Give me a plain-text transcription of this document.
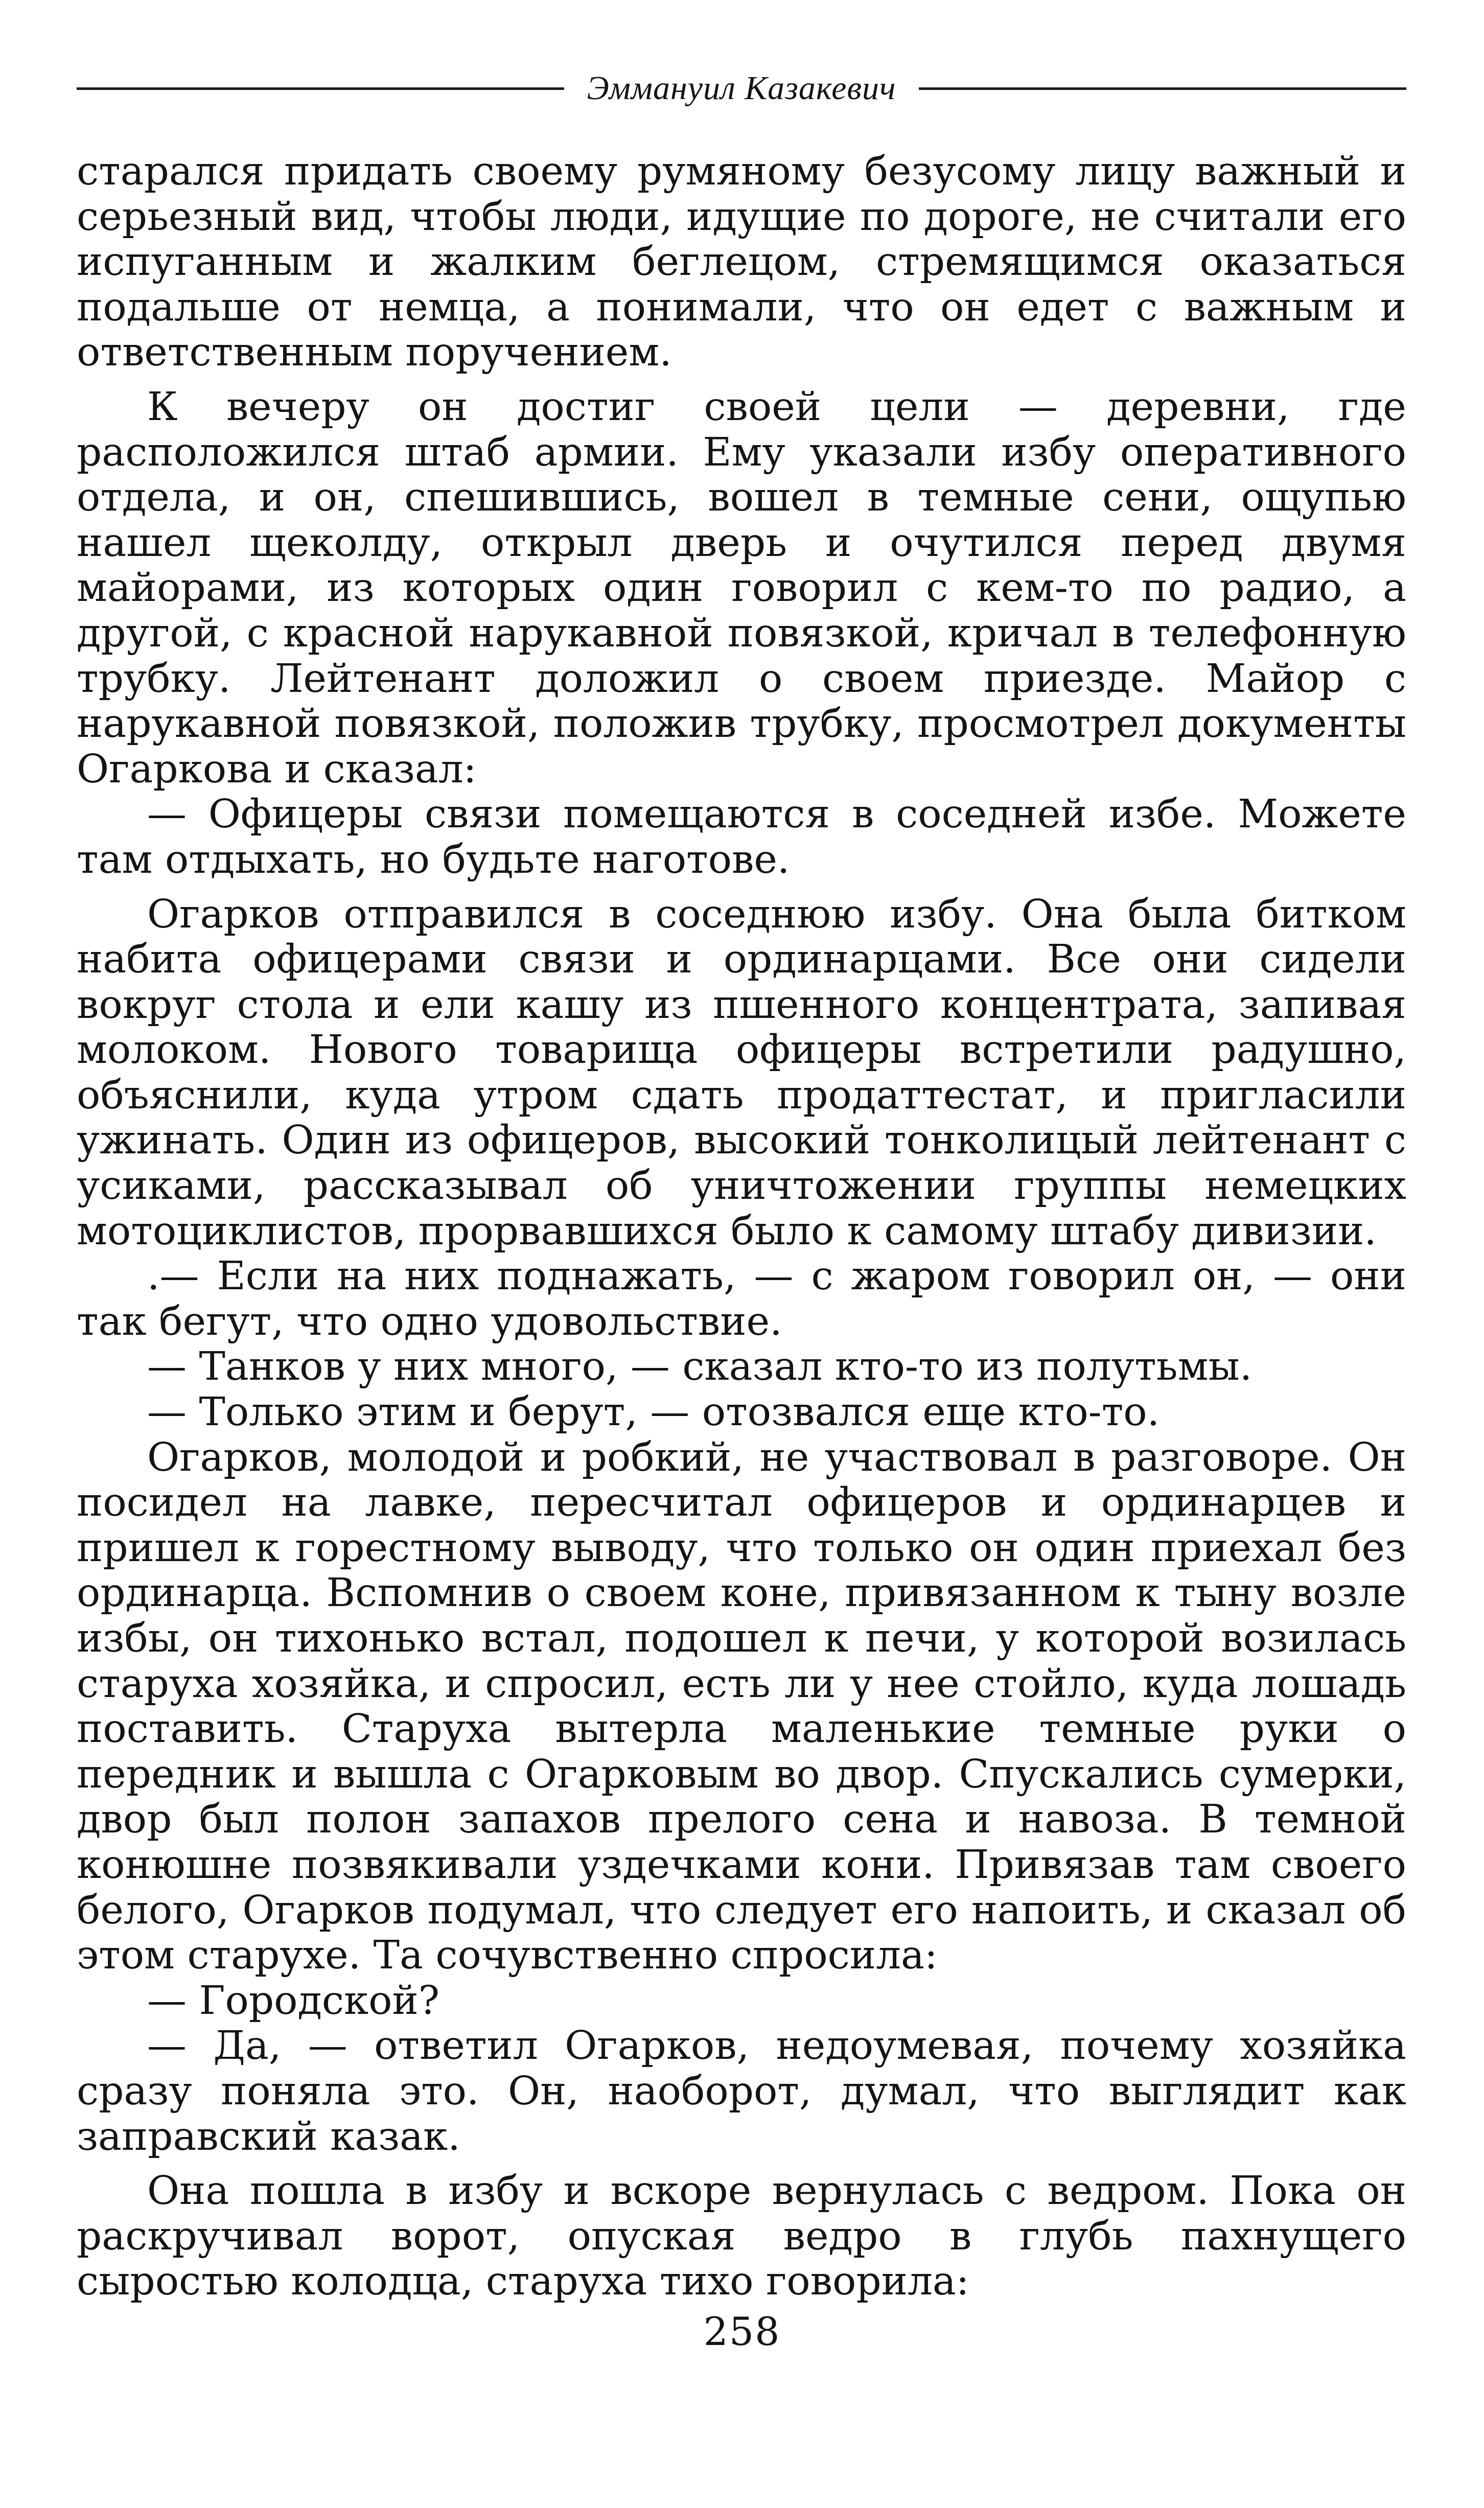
Эммануил Казакевич

старался придать своему румяному безусому лицу важный и серьезный вид, чтобы люди, идущие по дороге, не считали его испуганным и жалким беглецом, стремящимся оказаться подальше от немца, а понимали, что он едет с важным и ответственным поручением.

К вечеру он достиг своей цели — деревни, где расположился штаб армии. Ему указали избу оперативного отдела, и он, спешившись, вошел в темные сени, ощупью нашел щеколду, открыл дверь и очутился перед двумя майорами, из которых один говорил с кем-то по радио, а другой, с красной нарукавной повязкой, кричал в телефонную трубку. Лейтенант доложил о своем приезде. Майор с нарукавной повязкой, положив трубку, просмотрел документы Огаркова и сказал:

— Офицеры связи помещаются в соседней избе. Можете там отдыхать, но будьте наготове.

Огарков отправился в соседнюю избу. Она была битком набита офицерами связи и ординарцами. Все они сидели вокруг стола и ели кашу из пшенного концентрата, запивая молоком. Нового товарища офицеры встретили радушно, объяснили, куда утром сдать продаттестат, и пригласили ужинать. Один из офицеров, высокий тонколицый лейтенант с усиками, рассказывал об уничтожении группы немецких мотоциклистов, прорвавшихся было к самому штабу дивизии.

.— Если на них поднажать, — с жаром говорил он, — они так бегут, что одно удовольствие.

— Танков у них много, — сказал кто-то из полутьмы.

— Только этим и берут, — отозвался еще кто-то.

Огарков, молодой и робкий, не участвовал в разговоре. Он посидел на лавке, пересчитал офицеров и ординарцев и пришел к горестному выводу, что только он один приехал без ординарца. Вспомнив о своем коне, привязанном к тыну возле избы, он тихонько встал, подошел к печи, у которой возилась старуха хозяйка, и спросил, есть ли у нее стойло, куда лошадь поставить. Старуха вытерла маленькие темные руки о передник и вышла с Огарковым во двор. Спускались сумерки, двор был полон запахов прелого сена и навоза. В темной конюшне позвякивали уздечками кони. Привязав там своего белого, Огарков подумал, что следует его напоить, и сказал об этом старухе. Та сочувственно спросила:

— Городской?

— Да, — ответил Огарков, недоумевая, почему хозяйка сразу поняла это. Он, наоборот, думал, что выглядит как заправский казак.

Она пошла в избу и вскоре вернулась с ведром. Пока он раскручивал ворот, опуская ведро в глубь пахнущего сыростью колодца, старуха тихо говорила:

258
